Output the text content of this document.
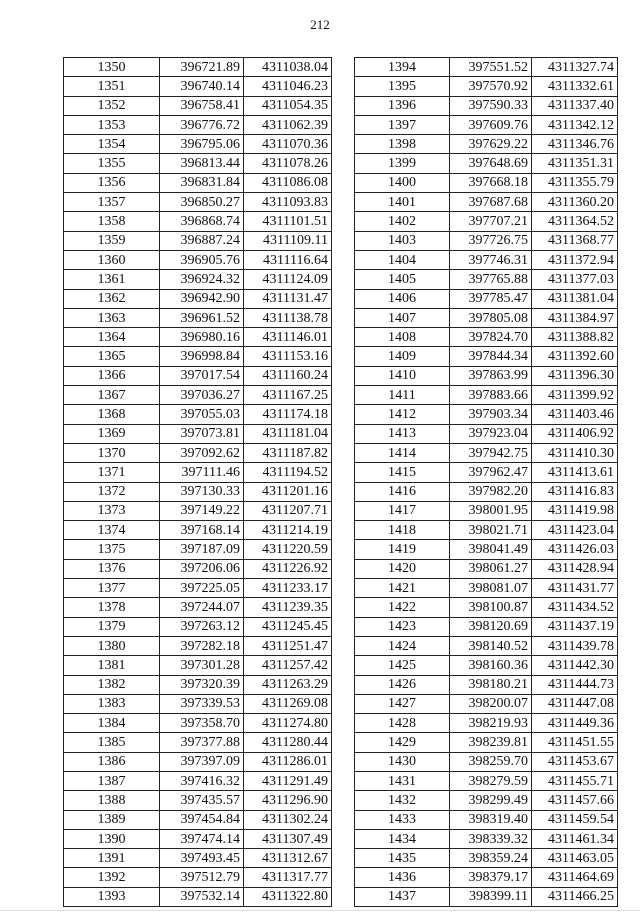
212
1350	396721.89	4311038.04
1351	396740.14	4311046.23
1352	396758.41	4311054.35
1353	396776.72	4311062.39
1354	396795.06	4311070.36
1355	396813.44	4311078.26
1356	396831.84	4311086.08
1357	396850.27	4311093.83
1358	396868.74	4311101.51
1359	396887.24	4311109.11
1360	396905.76	4311116.64
1361	396924.32	4311124.09
1362	396942.90	4311131.47
1363	396961.52	4311138.78
1364	396980.16	4311146.01
1365	396998.84	4311153.16
1366	397017.54	4311160.24
1367	397036.27	4311167.25
1368	397055.03	4311174.18
1369	397073.81	4311181.04
1370	397092.62	4311187.82
1371	397111.46	4311194.52
1372	397130.33	4311201.16
1373	397149.22	4311207.71
1374	397168.14	4311214.19
1375	397187.09	4311220.59
1376	397206.06	4311226.92
1377	397225.05	4311233.17
1378	397244.07	4311239.35
1379	397263.12	4311245.45
1380	397282.18	4311251.47
1381	397301.28	4311257.42
1382	397320.39	4311263.29
1383	397339.53	4311269.08
1384	397358.70	4311274.80
1385	397377.88	4311280.44
1386	397397.09	4311286.01
1387	397416.32	4311291.49
1388	397435.57	4311296.90
1389	397454.84	4311302.24
1390	397474.14	4311307.49
1391	397493.45	4311312.67
1392	397512.79	4311317.77
1393	397532.14	4311322.80
1394	397551.52	4311327.74
1395	397570.92	4311332.61
1396	397590.33	4311337.40
1397	397609.76	4311342.12
1398	397629.22	4311346.76
1399	397648.69	4311351.31
1400	397668.18	4311355.79
1401	397687.68	4311360.20
1402	397707.21	4311364.52
1403	397726.75	4311368.77
1404	397746.31	4311372.94
1405	397765.88	4311377.03
1406	397785.47	4311381.04
1407	397805.08	4311384.97
1408	397824.70	4311388.82
1409	397844.34	4311392.60
1410	397863.99	4311396.30
1411	397883.66	4311399.92
1412	397903.34	4311403.46
1413	397923.04	4311406.92
1414	397942.75	4311410.30
1415	397962.47	4311413.61
1416	397982.20	4311416.83
1417	398001.95	4311419.98
1418	398021.71	4311423.04
1419	398041.49	4311426.03
1420	398061.27	4311428.94
1421	398081.07	4311431.77
1422	398100.87	4311434.52
1423	398120.69	4311437.19
1424	398140.52	4311439.78
1425	398160.36	4311442.30
1426	398180.21	4311444.73
1427	398200.07	4311447.08
1428	398219.93	4311449.36
1429	398239.81	4311451.55
1430	398259.70	4311453.67
1431	398279.59	4311455.71
1432	398299.49	4311457.66
1433	398319.40	4311459.54
1434	398339.32	4311461.34
1435	398359.24	4311463.05
1436	398379.17	4311464.69
1437	398399.11	4311466.25
